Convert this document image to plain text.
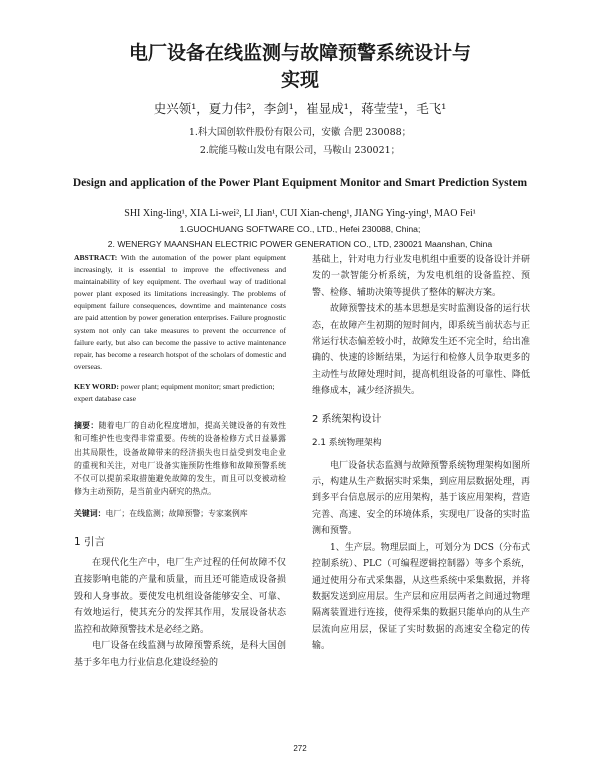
电厂设备在线监测与故障预警系统设计与
实现
史兴领¹，夏力伟²，李剑¹，崔显成¹，蒋莹莹¹，毛飞¹
1.科大国创软件股份有限公司，安徽 合肥 230088；
2.皖能马鞍山发电有限公司，马鞍山 230021；
Design and application of the Power Plant Equipment Monitor and Smart Prediction System
SHI Xing-ling¹, XIA Li-wei², LI Jian¹, CUI Xian-cheng¹, JIANG Ying-ying¹, MAO Fei¹
1.GUOCHUANG SOFTWARE CO., LTD., Hefei 230088, China;
2. WENERGY MAANSHAN ELECTRIC POWER GENERATION CO., LTD, 230021 Maanshan, China

ABSTRACT: With the automation of the power plant equipment increasingly, it is essential to improve the effectiveness and maintainability of key equipment. The overhaul way of traditional power plant exposed its limitations increasingly. The problems of equipment failure consequences, downtime and maintenance costs are paid attention by power generation enterprises. Failure prognostic system not only can take measures to prevent the occurrence of failure early, but also can become the passive to active maintenance repair, has become a research hotspot of the scholars of domestic and overseas.

KEY WORD: power plant; equipment monitor; smart prediction; expert database case

摘要：随着电厂的自动化程度增加，提高关键设备的有效性和可维护性也变得非常重要。传统的设备检修方式日益暴露出其局限性，设备故障带来的经济损失也日益受到发电企业的重视和关注，对电厂设备实施预防性维修和故障预警系统不仅可以提前采取措施避免故障的发生，而且可以变被动检修为主动预防，是当前业内研究的热点。

关键词：电厂；在线监测；故障预警；专家案例库

1 引言

在现代化生产中，电厂生产过程的任何故障不仅直接影响电能的产量和质量，而且还可能造成设备损毁和人身事故。要使发电机组设备能够安全、可靠、有效地运行，使其充分的发挥其作用，发展设备状态监控和故障预警技术是必经之路。

电厂设备在线监测与故障预警系统，是科大国创基于多年电力行业信息化建设经验的

基础上，针对电力行业发电机组中重要的设备设计并研发的一款智能分析系统，为发电机组的设备监控、预警、检修、辅助决策等提供了整体的解决方案。

故障预警技术的基本思想是实时监测设备的运行状态，在故障产生初期的短时间内，即系统当前状态与正常运行状态偏差较小时，故障发生还不完全时，给出准确的、快速的诊断结果，为运行和检修人员争取更多的主动性与故障处理时间，提高机组设备的可靠性、降低维修成本，减少经济损失。

2 系统架构设计
2.1 系统物理架构

电厂设备状态监测与故障预警系统物理架构如图所示，构建从生产数据实时采集，到应用层数据处理，再到多平台信息展示的应用架构，基于该应用架构，营造完善、高速、安全的环境体系，实现电厂设备的实时监测和预警。

1、生产层。物理层面上，可划分为 DCS（分布式控制系统）、PLC（可编程逻辑控制器）等多个系统，通过使用分布式采集器，从这些系统中采集数据，并将数据发送到应用层。生产层和应用层两者之间通过物理隔离装置进行连接，使得采集的数据只能单向的从生产层流向应用层，保证了实时数据的高速安全稳定的传输。

272
